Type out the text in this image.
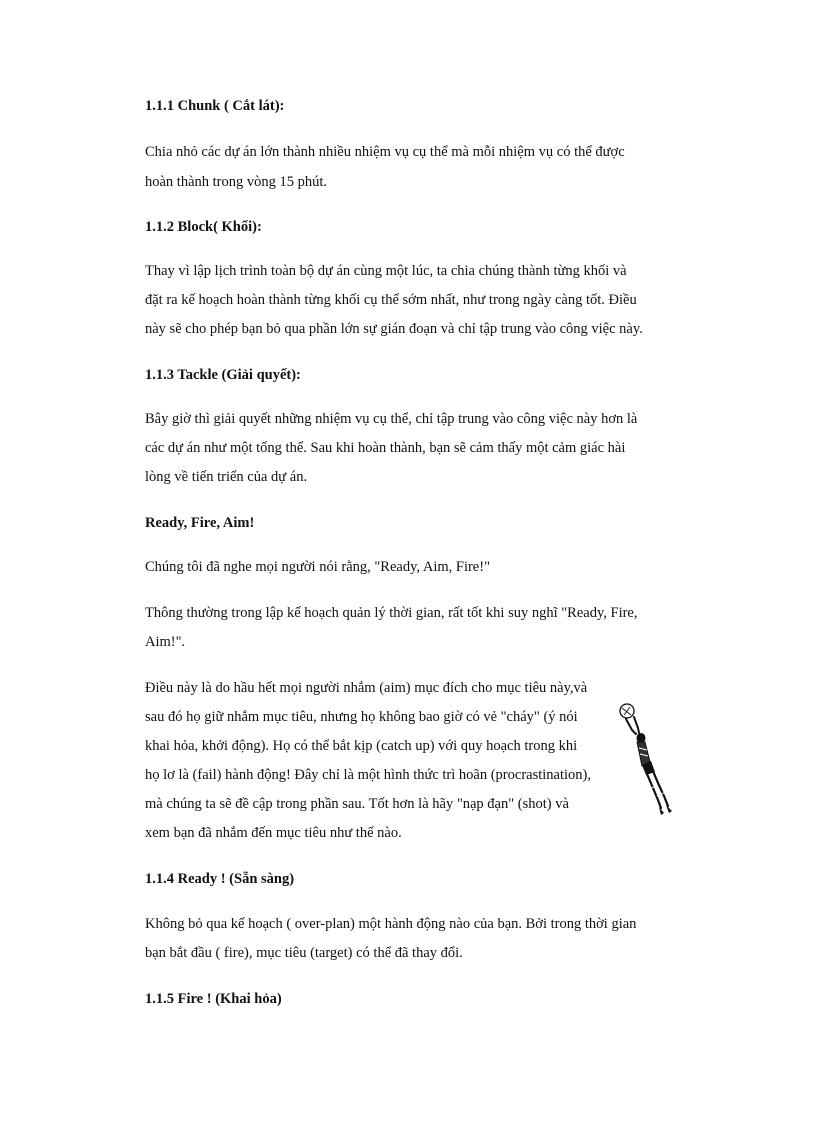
1.1.1 Chunk ( Cắt lát):

Chia nhỏ các dự án lớn thành nhiều nhiệm vụ cụ thể mà mỗi nhiệm vụ có thể được

hoàn thành trong vòng 15 phút.

1.1.2 Block( Khối):

Thay vì lập lịch trình toàn bộ dự án cùng một lúc, ta chia chúng thành từng khối và

đặt ra kế hoạch hoàn thành từng khối cụ thể sớm nhất, như trong ngày càng tốt. Điều

này sẽ cho phép bạn bỏ qua phần lớn sự gián đoạn và chỉ tập trung vào công việc này.

1.1.3 Tackle (Giải quyết):

Bây giờ thì giải quyết những nhiệm vụ cụ thể, chỉ tập trung vào công việc này hơn là

các dự án như một tổng thể. Sau khi hoàn thành, bạn sẽ cảm thấy một cảm giác hài

lòng về tiến triển của dự án.

Ready, Fire, Aim!

Chúng tôi đã nghe mọi người nói rằng, "Ready, Aim, Fire!"

Thông thường trong lập kế hoạch quản lý thời gian, rất tốt khi suy nghĩ "Ready, Fire,

Aim!".

Điều này là do hầu hết mọi người nhắm (aim) mục đích cho mục tiêu này,và

sau đó họ giữ nhắm mục tiêu, nhưng họ không bao giờ có vẻ "cháy" (ý nói

khai hỏa, khởi động). Họ có thể bắt kịp (catch up) với quy hoạch trong khi

họ lơ là (fail) hành động! Đây chỉ là một hình thức trì hoãn (procrastination),

mà chúng ta sẽ đề cập trong phần sau. Tốt hơn là hãy "nạp đạn" (shot) và

xem bạn đã nhắm đến mục tiêu như thế nào.

1.1.4 Ready ! (Sẵn sàng)

Không bỏ qua kế hoạch ( over-plan) một hành động nào của bạn. Bởi trong thời gian

bạn bắt đầu ( fire), mục tiêu (target) có thể đã thay đổi.

1.1.5 Fire ! (Khai hỏa)
